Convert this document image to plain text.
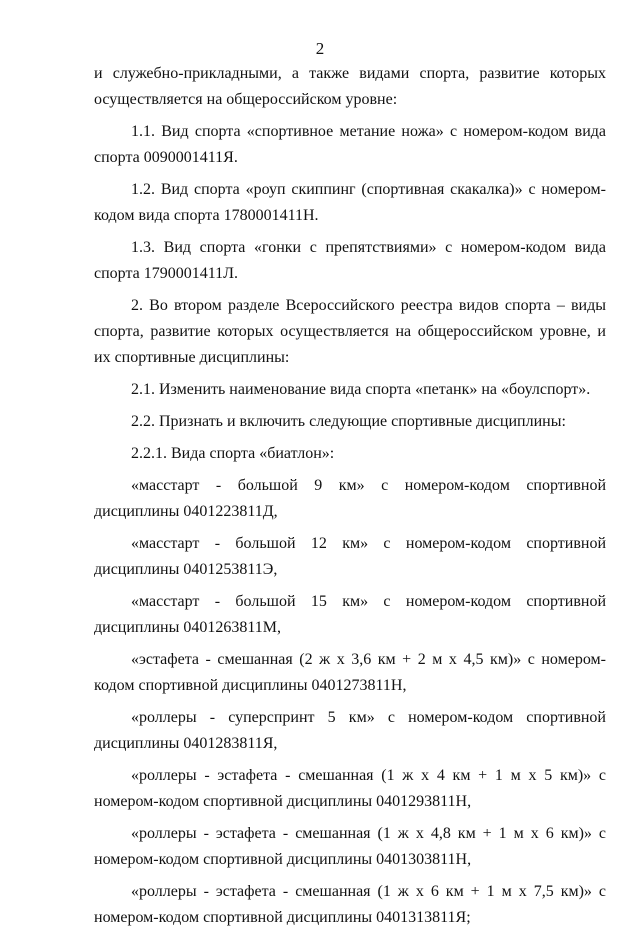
2

и служебно-прикладными, а также видами спорта, развитие которых осуществляется на общероссийском уровне:

1.1. Вид спорта «спортивное метание ножа» с номером-кодом вида спорта 0090001411Я.

1.2. Вид спорта «роуп скиппинг (спортивная скакалка)» с номером-кодом вида спорта 1780001411Н.

1.3. Вид спорта «гонки с препятствиями» с номером-кодом вида спорта 1790001411Л.

2. Во втором разделе Всероссийского реестра видов спорта – виды спорта, развитие которых осуществляется на общероссийском уровне, и их спортивные дисциплины:

2.1. Изменить наименование вида спорта «петанк» на «боулспорт».

2.2. Признать и включить следующие спортивные дисциплины:

2.2.1. Вида спорта «биатлон»:

«масстарт - большой 9 км» с номером-кодом спортивной дисциплины 0401223811Д,

«масстарт - большой 12 км» с номером-кодом спортивной дисциплины 0401253811Э,

«масстарт - большой 15 км» с номером-кодом спортивной дисциплины 0401263811М,

«эстафета - смешанная (2 ж х 3,6 км + 2 м х 4,5 км)» с номером-кодом спортивной дисциплины 0401273811Н,

«роллеры - суперспринт 5 км» с номером-кодом спортивной дисциплины 0401283811Я,

«роллеры - эстафета - смешанная (1 ж х 4 км + 1 м х 5 км)» с номером-кодом спортивной дисциплины 0401293811Н,

«роллеры - эстафета - смешанная (1 ж х 4,8 км + 1 м х 6 км)» с номером-кодом спортивной дисциплины 0401303811Н,

«роллеры - эстафета - смешанная (1 ж х 6 км + 1 м х 7,5 км)» с номером-кодом спортивной дисциплины 0401313811Я;
